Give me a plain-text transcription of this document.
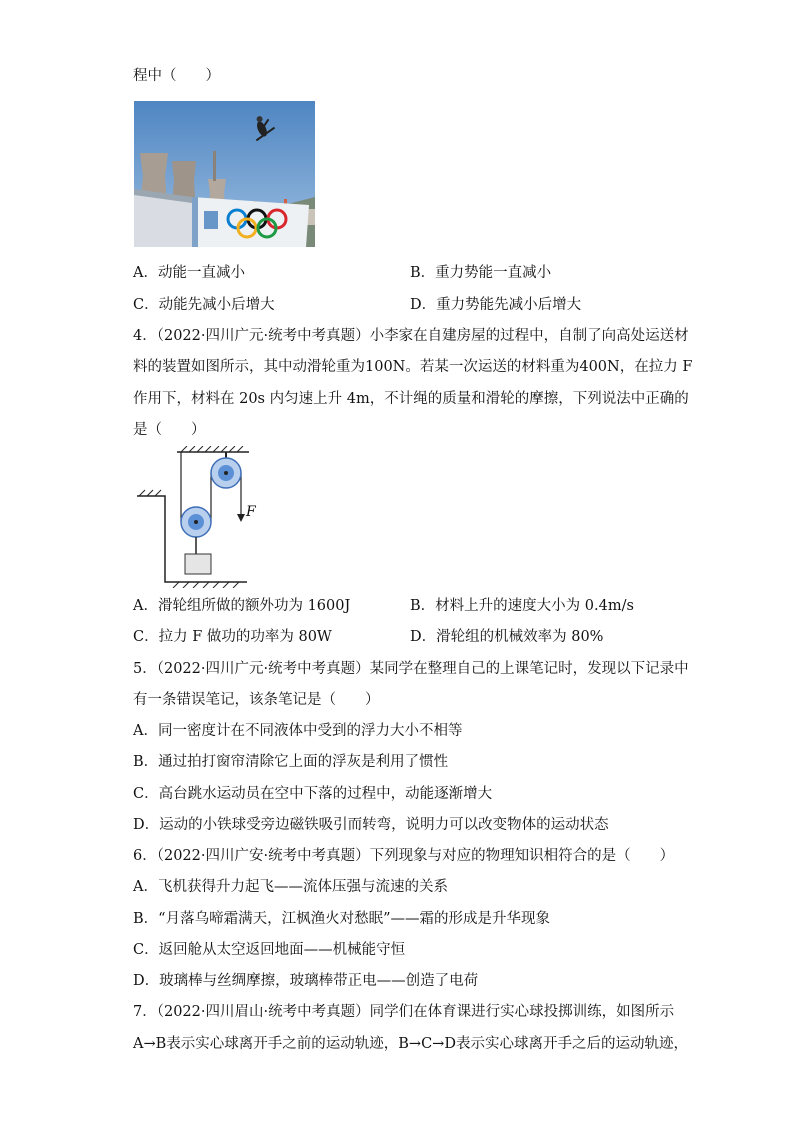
程中（　　）
A．动能一直减小	B．重力势能一直减小
C．动能先减小后增大	D．重力势能先减小后增大
4．（2022·四川广元·统考中考真题）小李家在自建房屋的过程中，自制了向高处运送材
料的装置如图所示，其中动滑轮重为100N。若某一次运送的材料重为400N，在拉力 F
作用下，材料在 20s 内匀速上升 4m，不计绳的质量和滑轮的摩擦，下列说法中正确的
是（　　）
F
A．滑轮组所做的额外功为 1600J	B．材料上升的速度大小为 0.4m/s
C．拉力 F 做功的功率为 80W	D．滑轮组的机械效率为 80%
5．（2022·四川广元·统考中考真题）某同学在整理自己的上课笔记时，发现以下记录中
有一条错误笔记，该条笔记是（　　）
A．同一密度计在不同液体中受到的浮力大小不相等
B．通过拍打窗帘清除它上面的浮灰是利用了惯性
C．高台跳水运动员在空中下落的过程中，动能逐渐增大
D．运动的小铁球受旁边磁铁吸引而转弯，说明力可以改变物体的运动状态
6．（2022·四川广安·统考中考真题）下列现象与对应的物理知识相符合的是（　　）
A．飞机获得升力起飞——流体压强与流速的关系
B．“月落乌啼霜满天，江枫渔火对愁眠”——霜的形成是升华现象
C．返回舱从太空返回地面——机械能守恒
D．玻璃棒与丝绸摩擦，玻璃棒带正电——创造了电荷
7．（2022·四川眉山·统考中考真题）同学们在体育课进行实心球投掷训练，如图所示
A→B表示实心球离开手之前的运动轨迹，B→C→D表示实心球离开手之后的运动轨迹，
